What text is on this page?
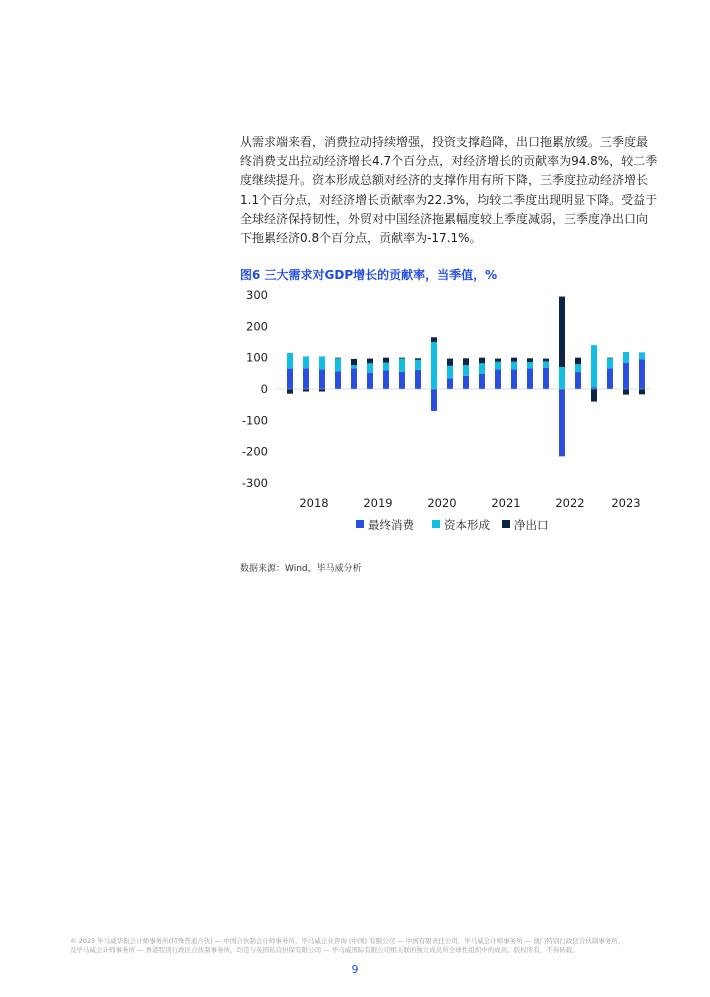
从需求端来看，消费拉动持续增强，投资支撑趋降，出口拖累放缓。三季度最
终消费支出拉动经济增长4.7个百分点，对经济增长的贡献率为94.8%，较二季
度继续提升。资本形成总额对经济的支撑作用有所下降，三季度拉动经济增长
1.1个百分点，对经济增长贡献率为22.3%，均较二季度出现明显下降。受益于
全球经济保持韧性，外贸对中国经济拖累幅度较上季度减弱，三季度净出口向
下拖累经济0.8个百分点，贡献率为-17.1%。
图6 三大需求对GDP增长的贡献率，当季值，%
300
200
100
0
-100
-200
-300
2018	2019	2020	2021	2022 2023
最终消费	资本形成 净出口
数据来源：Wind，毕马威分析
© 2023 毕马威华振会计师事务所(特殊普通合伙) — 中国合伙制会计师事务所，毕马威企业咨询 (中国) 有限公司 — 中国有限责任公司，毕马威会计师事务所 — 澳门特别行政区合伙制事务所，
及毕马威会计师事务所 — 香港特别行政区合伙制事务所，均是与英国私营担保有限公司 — 毕马威国际有限公司相关联的独立成员所全球性组织中的成员。版权所有，不得转载。
9
